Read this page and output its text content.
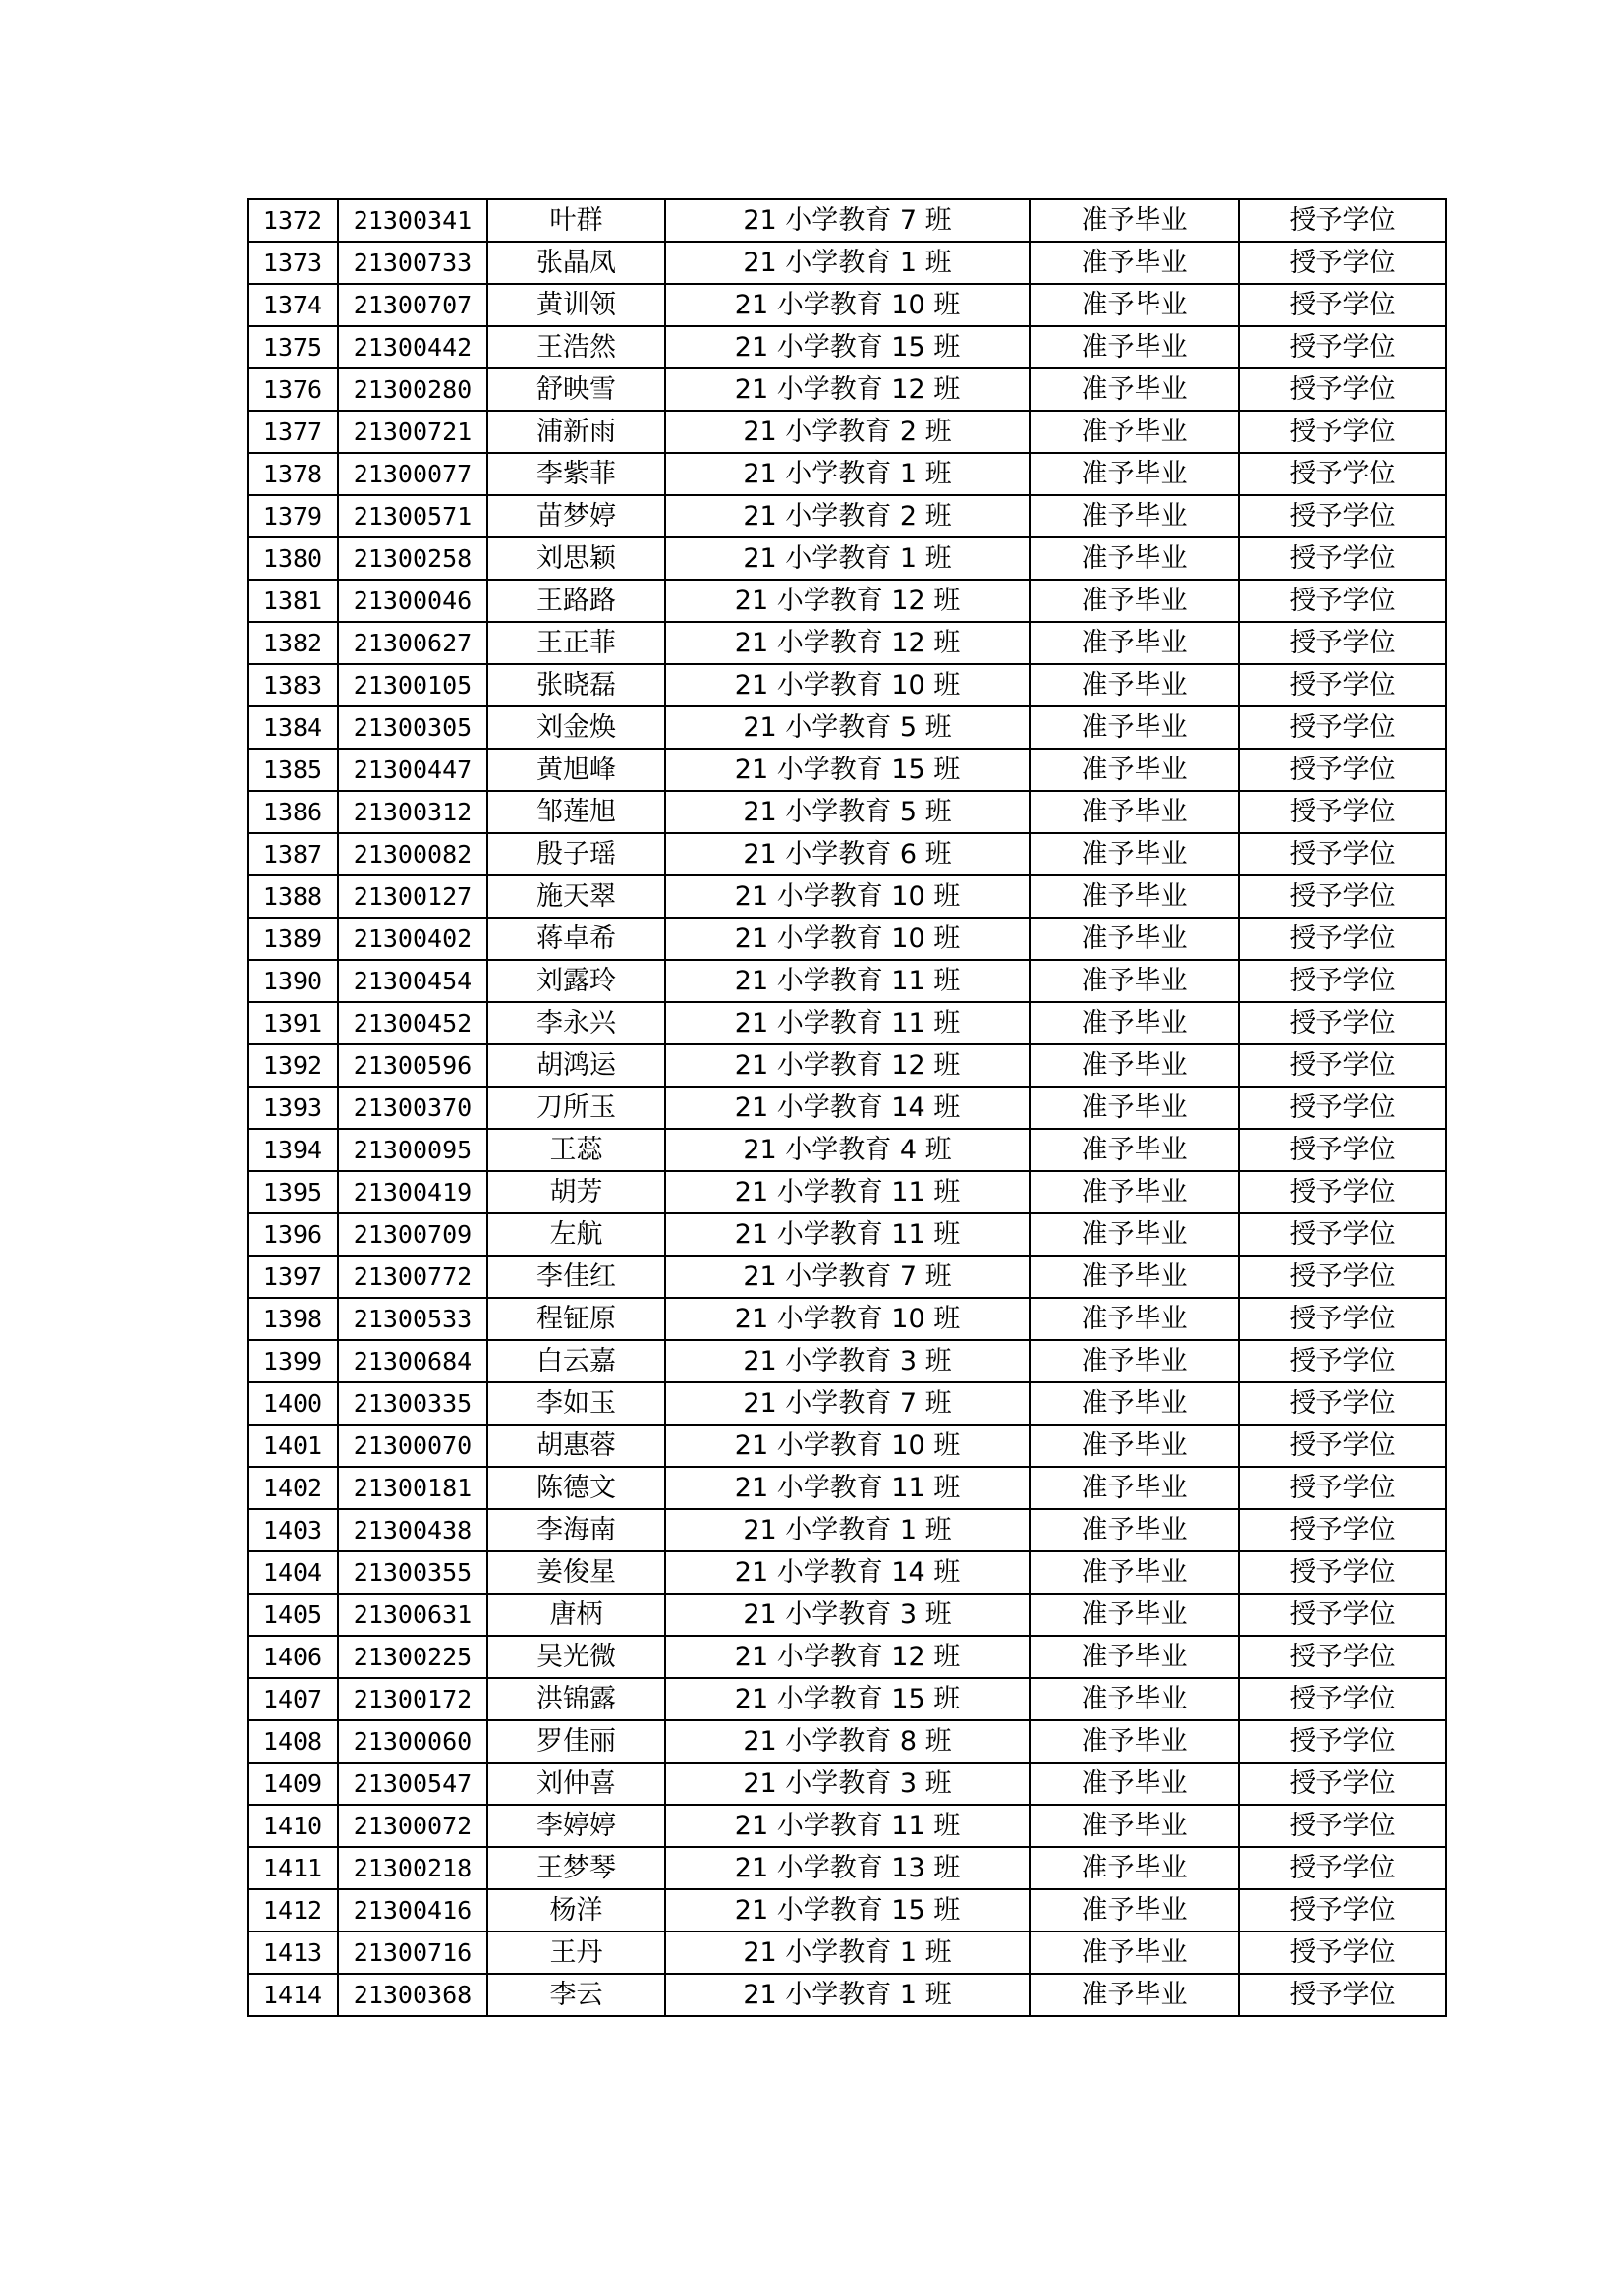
1372	21300341	叶群	21 小学教育 7 班	准予毕业	授予学位
1373	21300733	张晶凤	21 小学教育 1 班	准予毕业	授予学位
1374	21300707	黄训领	21 小学教育 10 班	准予毕业	授予学位
1375	21300442	王浩然	21 小学教育 15 班	准予毕业	授予学位
1376	21300280	舒映雪	21 小学教育 12 班	准予毕业	授予学位
1377	21300721	浦新雨	21 小学教育 2 班	准予毕业	授予学位
1378	21300077	李紫菲	21 小学教育 1 班	准予毕业	授予学位
1379	21300571	苗梦婷	21 小学教育 2 班	准予毕业	授予学位
1380	21300258	刘思颖	21 小学教育 1 班	准予毕业	授予学位
1381	21300046	王路路	21 小学教育 12 班	准予毕业	授予学位
1382	21300627	王正菲	21 小学教育 12 班	准予毕业	授予学位
1383	21300105	张晓磊	21 小学教育 10 班	准予毕业	授予学位
1384	21300305	刘金焕	21 小学教育 5 班	准予毕业	授予学位
1385	21300447	黄旭峰	21 小学教育 15 班	准予毕业	授予学位
1386	21300312	邹莲旭	21 小学教育 5 班	准予毕业	授予学位
1387	21300082	殷子瑶	21 小学教育 6 班	准予毕业	授予学位
1388	21300127	施天翠	21 小学教育 10 班	准予毕业	授予学位
1389	21300402	蒋卓希	21 小学教育 10 班	准予毕业	授予学位
1390	21300454	刘露玲	21 小学教育 11 班	准予毕业	授予学位
1391	21300452	李永兴	21 小学教育 11 班	准予毕业	授予学位
1392	21300596	胡鸿运	21 小学教育 12 班	准予毕业	授予学位
1393	21300370	刀所玉	21 小学教育 14 班	准予毕业	授予学位
1394	21300095	王蕊	21 小学教育 4 班	准予毕业	授予学位
1395	21300419	胡芳	21 小学教育 11 班	准予毕业	授予学位
1396	21300709	左航	21 小学教育 11 班	准予毕业	授予学位
1397	21300772	李佳红	21 小学教育 7 班	准予毕业	授予学位
1398	21300533	程钲原	21 小学教育 10 班	准予毕业	授予学位
1399	21300684	白云嘉	21 小学教育 3 班	准予毕业	授予学位
1400	21300335	李如玉	21 小学教育 7 班	准予毕业	授予学位
1401	21300070	胡惠蓉	21 小学教育 10 班	准予毕业	授予学位
1402	21300181	陈德文	21 小学教育 11 班	准予毕业	授予学位
1403	21300438	李海南	21 小学教育 1 班	准予毕业	授予学位
1404	21300355	姜俊星	21 小学教育 14 班	准予毕业	授予学位
1405	21300631	唐柄	21 小学教育 3 班	准予毕业	授予学位
1406	21300225	吴光微	21 小学教育 12 班	准予毕业	授予学位
1407	21300172	洪锦露	21 小学教育 15 班	准予毕业	授予学位
1408	21300060	罗佳丽	21 小学教育 8 班	准予毕业	授予学位
1409	21300547	刘仲喜	21 小学教育 3 班	准予毕业	授予学位
1410	21300072	李婷婷	21 小学教育 11 班	准予毕业	授予学位
1411	21300218	王梦琴	21 小学教育 13 班	准予毕业	授予学位
1412	21300416	杨洋	21 小学教育 15 班	准予毕业	授予学位
1413	21300716	王丹	21 小学教育 1 班	准予毕业	授予学位
1414	21300368	李云	21 小学教育 1 班	准予毕业	授予学位
